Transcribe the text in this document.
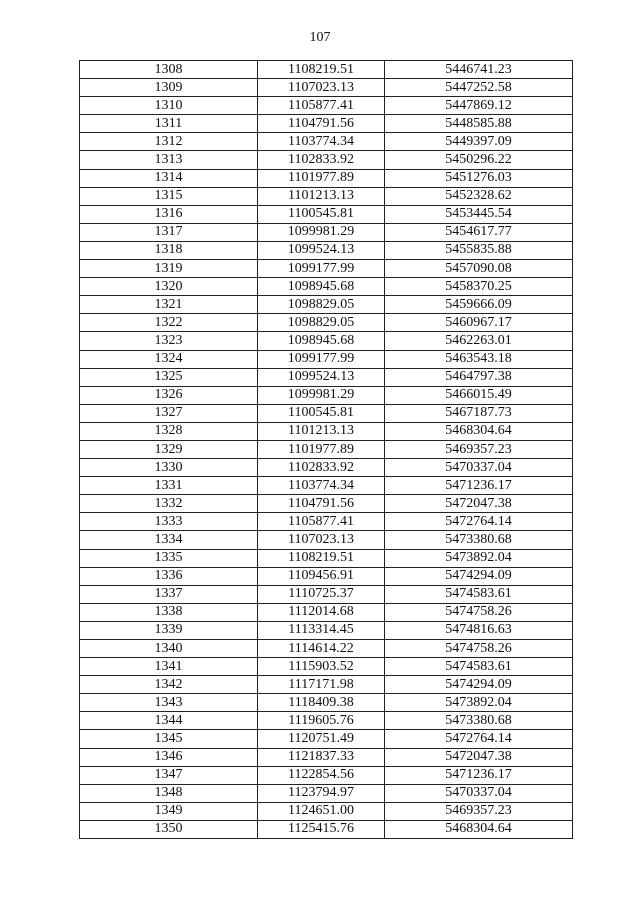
107
1308	1108219.51	5446741.23
1309	1107023.13	5447252.58
1310	1105877.41	5447869.12
1311	1104791.56	5448585.88
1312	1103774.34	5449397.09
1313	1102833.92	5450296.22
1314	1101977.89	5451276.03
1315	1101213.13	5452328.62
1316	1100545.81	5453445.54
1317	1099981.29	5454617.77
1318	1099524.13	5455835.88
1319	1099177.99	5457090.08
1320	1098945.68	5458370.25
1321	1098829.05	5459666.09
1322	1098829.05	5460967.17
1323	1098945.68	5462263.01
1324	1099177.99	5463543.18
1325	1099524.13	5464797.38
1326	1099981.29	5466015.49
1327	1100545.81	5467187.73
1328	1101213.13	5468304.64
1329	1101977.89	5469357.23
1330	1102833.92	5470337.04
1331	1103774.34	5471236.17
1332	1104791.56	5472047.38
1333	1105877.41	5472764.14
1334	1107023.13	5473380.68
1335	1108219.51	5473892.04
1336	1109456.91	5474294.09
1337	1110725.37	5474583.61
1338	1112014.68	5474758.26
1339	1113314.45	5474816.63
1340	1114614.22	5474758.26
1341	1115903.52	5474583.61
1342	1117171.98	5474294.09
1343	1118409.38	5473892.04
1344	1119605.76	5473380.68
1345	1120751.49	5472764.14
1346	1121837.33	5472047.38
1347	1122854.56	5471236.17
1348	1123794.97	5470337.04
1349	1124651.00	5469357.23
1350	1125415.76	5468304.64
